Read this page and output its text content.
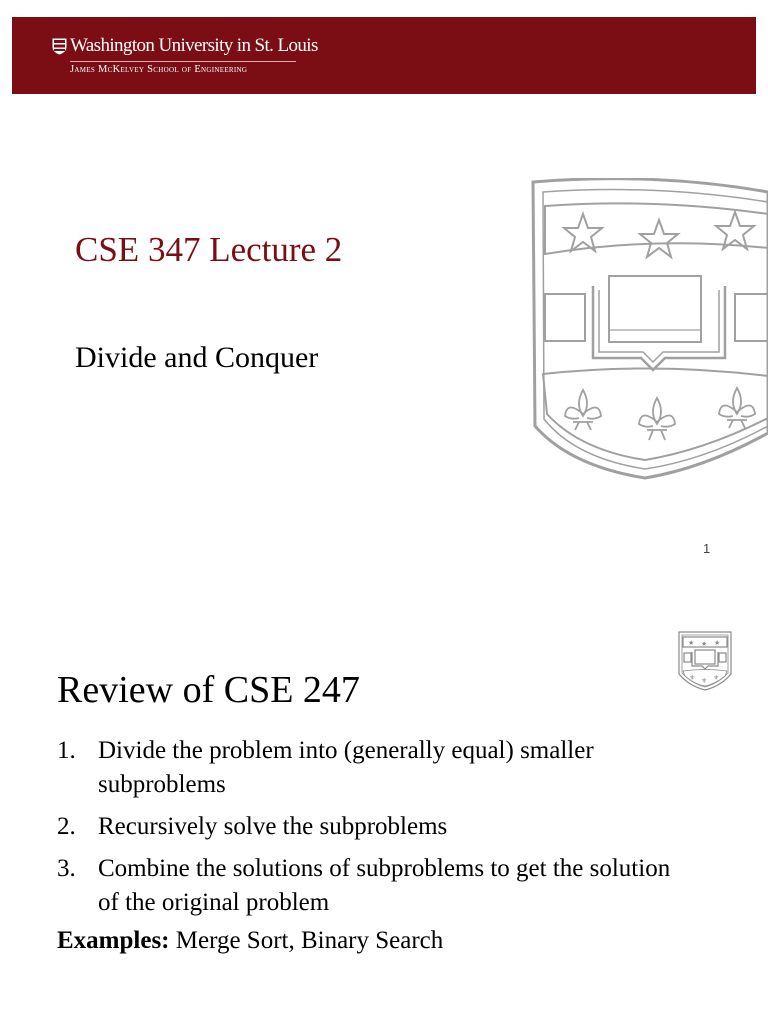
Washington University in St. Louis
James McKelvey School of Engineering
CSE 347 Lecture 2
Divide and Conquer
1
★ ★ ★
⚜ ⚜ ⚜
Review of CSE 247
1. Divide the problem into (generally equal) smaller subproblems
2. Recursively solve the subproblems
3. Combine the solutions of subproblems to get the solution of the original problem

Examples: Merge Sort, Binary Search
